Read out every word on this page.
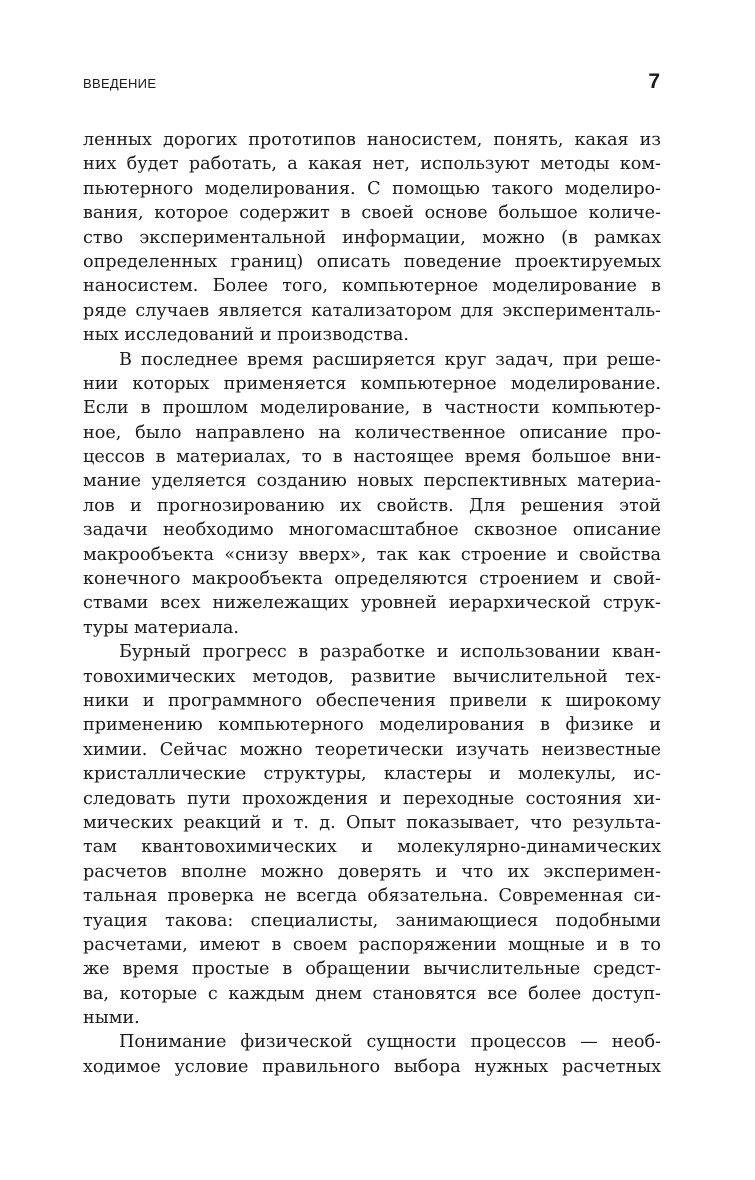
ВВЕДЕНИЕ	7
ленных дорогих прототипов наносистем, понять, какая из
них будет работать, а какая нет, используют методы ком-
пьютерного моделирования. С помощью такого моделиро-
вания, которое содержит в своей основе большое количе-
ство экспериментальной информации, можно (в рамках
определенных границ) описать поведение проектируемых
наносистем. Более того, компьютерное моделирование в
ряде случаев является катализатором для эксперименталь-
ных исследований и производства.
В последнее время расширяется круг задач, при реше-
нии которых применяется компьютерное моделирование.
Если в прошлом моделирование, в частности компьютер-
ное, было направлено на количественное описание про-
цессов в материалах, то в настоящее время большое вни-
мание уделяется созданию новых перспективных материа-
лов и прогнозированию их свойств. Для решения этой
задачи необходимо многомасштабное сквозное описание
макрообъекта «снизу вверх», так как строение и свойства
конечного макрообъекта определяются строением и свой-
ствами всех нижележащих уровней иерархической струк-
туры материала.
Бурный прогресс в разработке и использовании кван-
товохимических методов, развитие вычислительной тех-
ники и программного обеспечения привели к широкому
применению компьютерного моделирования в физике и
химии. Сейчас можно теоретически изучать неизвестные
кристаллические структуры, кластеры и молекулы, ис-
следовать пути прохождения и переходные состояния хи-
мических реакций и т. д. Опыт показывает, что результа-
там квантовохимических и молекулярно-динамических
расчетов вполне можно доверять и что их эксперимен-
тальная проверка не всегда обязательна. Современная си-
туация такова: специалисты, занимающиеся подобными
расчетами, имеют в своем распоряжении мощные и в то
же время простые в обращении вычислительные средст-
ва, которые с каждым днем становятся все более доступ-
ными.
Понимание физической сущности процессов — необ-
ходимое условие правильного выбора нужных расчетных
